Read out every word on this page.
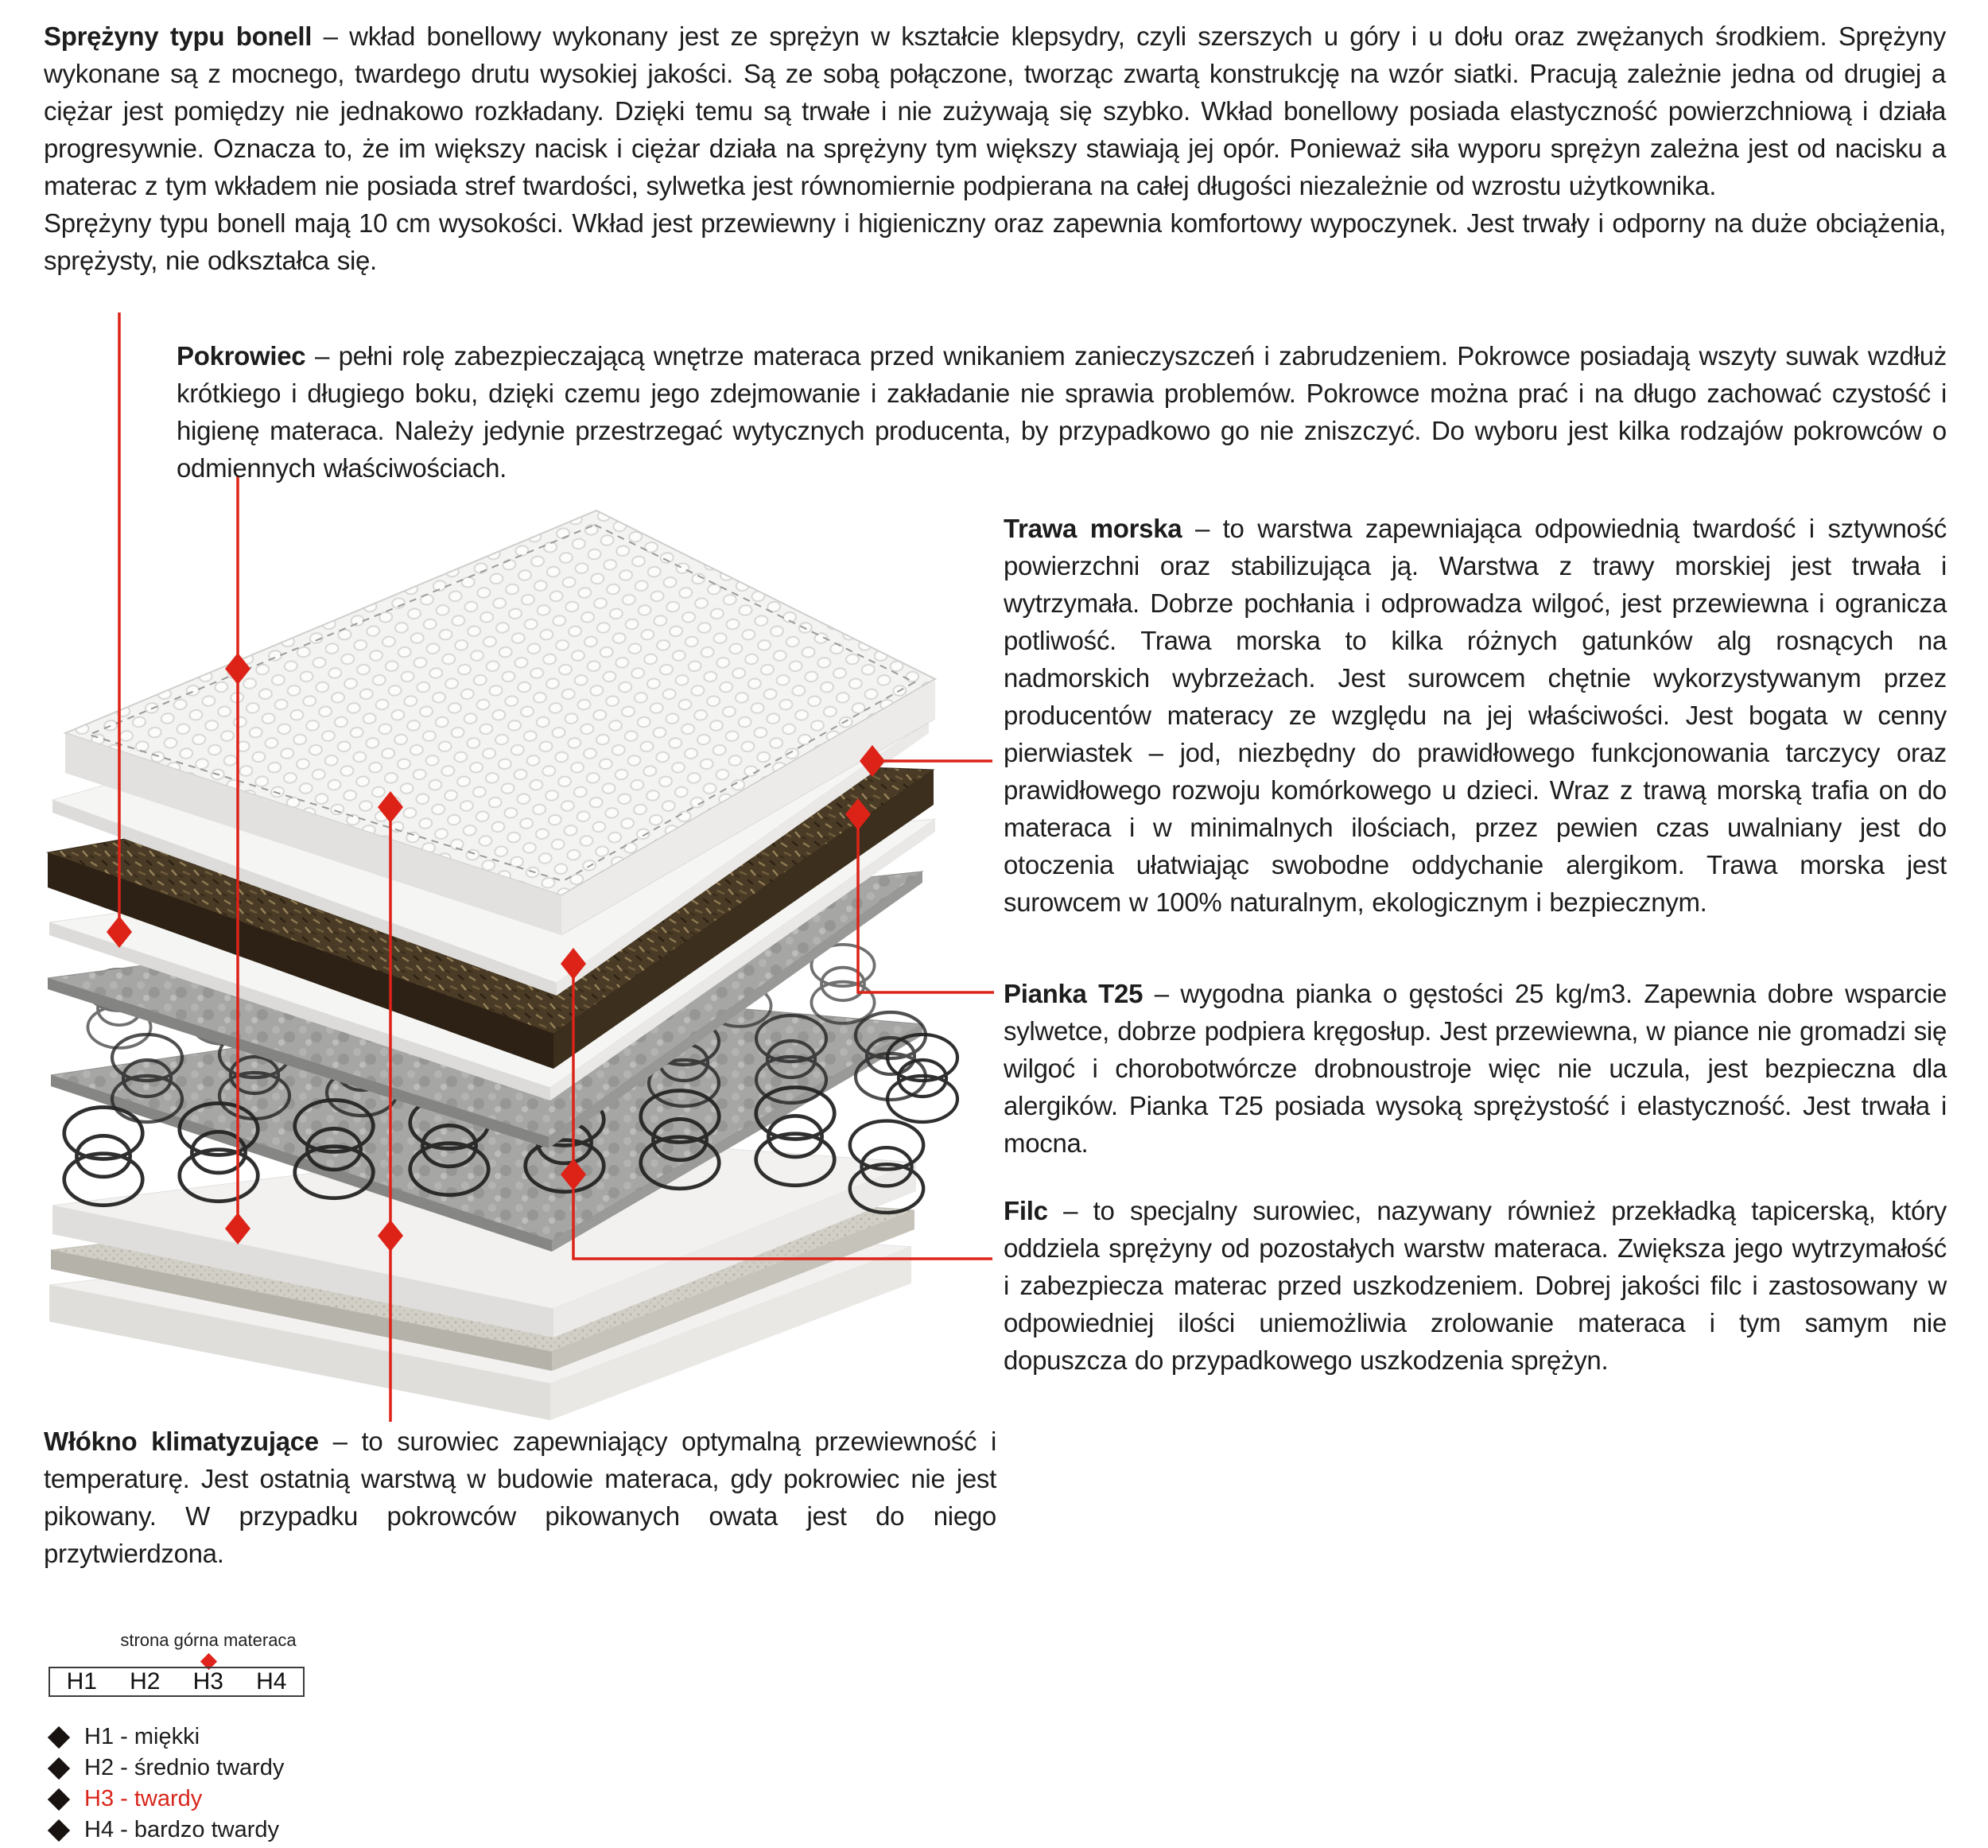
Sprężyny typu bonell – wkład bonellowy wykonany jest ze sprężyn w kształcie klepsydry, czyli szerszych u góry i u dołu oraz zwężanych środkiem. Sprężyny wykonane są z mocnego, twardego drutu wysokiej jakości. Są ze sobą połączone, tworząc zwartą konstrukcję na wzór siatki. Pracują zależnie jedna od drugiej a ciężar jest pomiędzy nie jednakowo rozkładany. Dzięki temu są trwałe i nie zużywają się szybko. Wkład bonellowy posiada elastyczność powierzchniową i działa progresywnie. Oznacza to, że im większy nacisk i ciężar działa na sprężyny tym większy stawiają jej opór. Ponieważ siła wyporu sprężyn zależna jest od nacisku a materac z tym wkładem nie posiada stref twardości, sylwetka jest równomiernie podpierana na całej długości niezależnie od wzrostu użytkownika.

Sprężyny typu bonell mają 10 cm wysokości. Wkład jest przewiewny i higieniczny oraz zapewnia komfortowy wypoczynek. Jest trwały i odporny na duże obciążenia, sprężysty, nie odkształca się.

Pokrowiec – pełni rolę zabezpieczającą wnętrze materaca przed wnikaniem zanieczyszczeń i zabrudzeniem. Pokrowce posiadają wszyty suwak wzdłuż krótkiego i długiego boku, dzięki czemu jego zdejmowanie i zakładanie nie sprawia problemów. Pokrowce można prać i na długo zachować czystość i higienę materaca. Należy jedynie przestrzegać wytycznych producenta, by przypadkowo go nie zniszczyć. Do wyboru jest kilka rodzajów pokrowców o odmiennych właściwościach.

Trawa morska – to warstwa zapewniająca odpowiednią twardość i sztywność powierzchni oraz stabilizująca ją. Warstwa z trawy morskiej jest trwała i wytrzymała. Dobrze pochłania i odprowadza wilgoć, jest przewiewna i ogranicza potliwość. Trawa morska to kilka różnych gatunków alg rosnących na nadmorskich wybrzeżach. Jest surowcem chętnie wykorzystywanym przez producentów materacy ze względu na jej właściwości. Jest bogata w cenny pierwiastek – jod, niezbędny do prawidłowego funkcjonowania tarczycy oraz prawidłowego rozwoju komórkowego u dzieci. Wraz z trawą morską trafia on do materaca i w minimalnych ilościach, przez pewien czas uwalniany jest do otoczenia ułatwiając swobodne oddychanie alergikom. Trawa morska jest surowcem w 100% naturalnym, ekologicznym i bezpiecznym.

Pianka T25 – wygodna pianka o gęstości 25 kg/m3. Zapewnia dobre wsparcie sylwetce, dobrze podpiera kręgosłup. Jest przewiewna, w piance nie gromadzi się wilgoć i chorobotwórcze drobnoustroje więc nie uczula, jest bezpieczna dla alergików. Pianka T25 posiada wysoką sprężystość i elastyczność. Jest trwała i mocna.

Filc – to specjalny surowiec, nazywany również przekładką tapicerską, który oddziela sprężyny od pozostałych warstw materaca. Zwiększa jego wytrzymałość i zabezpiecza materac przed uszkodzeniem. Dobrej jakości filc i zastosowany w odpowiedniej ilości uniemożliwia zrolowanie materaca i tym samym nie dopuszcza do przypadkowego uszkodzenia sprężyn.

Włókno klimatyzujące – to surowiec zapewniający optymalną przewiewność i temperaturę. Jest ostatnią warstwą w budowie materaca, gdy pokrowiec nie jest pikowany. W przypadku pokrowców pikowanych owata jest do niego przytwierdzona.

strona górna materaca
H1	H2	H3	H4
H1 - miękki
H2 - średnio twardy
H3 - twardy
H4 - bardzo twardy
